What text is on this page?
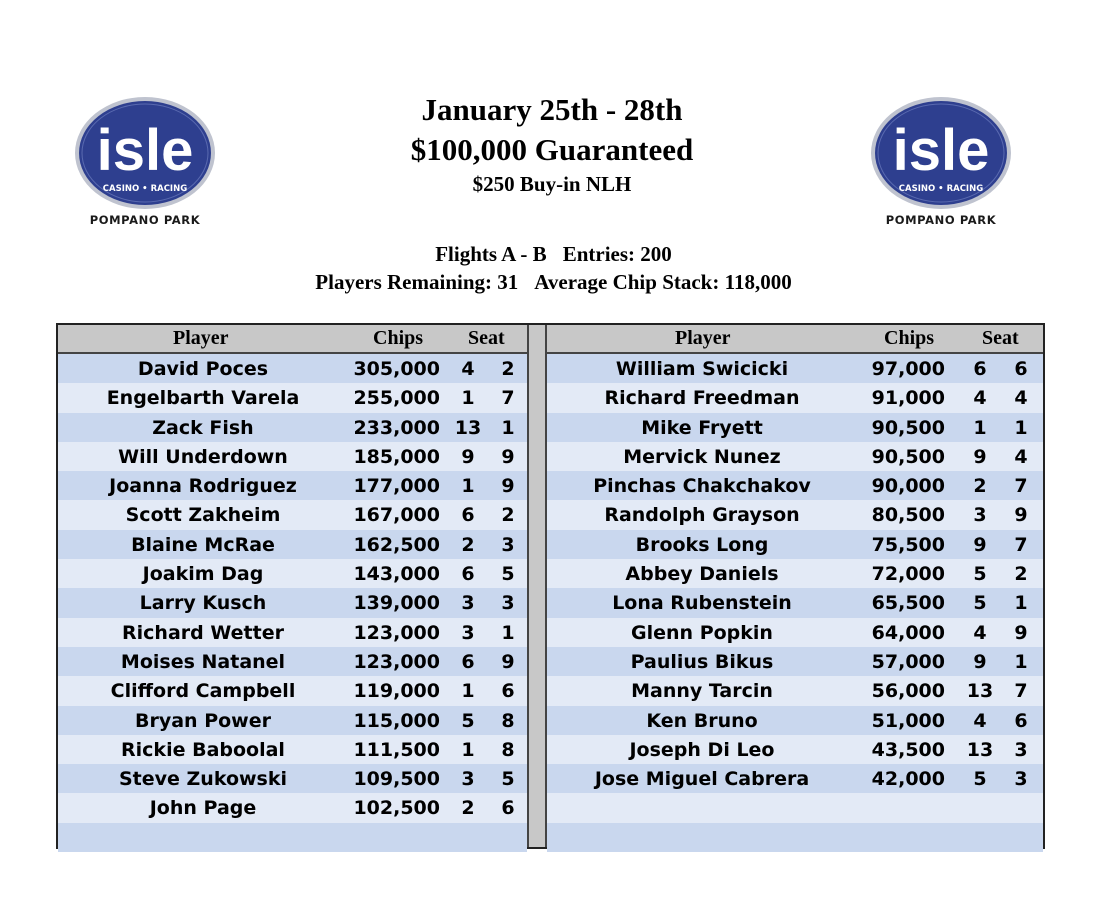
isle
CASINO • RACING
POMPANO PARK
isle
CASINO • RACING
POMPANO PARK
January 25th - 28th
$100,000 Guaranteed
$250 Buy-in NLH
Flights A - B Entries: 200
Players Remaining: 31 Average Chip Stack: 118,000
Player	Chips Seat
David Poces	305,000	4	2
Engelbarth Varela	255,000	1	7
Zack Fish	233,000 13	1
Will Underdown	185,000	9	9
Joanna Rodriguez	177,000	1	9
Scott Zakheim	167,000	6	2
Blaine McRae	162,500	2	3
Joakim Dag	143,000	6	5
Larry Kusch	139,000	3	3
Richard Wetter	123,000	3	1
Moises Natanel	123,000	6	9
Clifford Campbell	119,000	1	6
Bryan Power	115,000	5	8
Rickie Baboolal	111,500	1	8
Steve Zukowski	109,500	3	5
John Page	102,500	2	6
Player	Chips Seat
William Swicicki	97,000	6	6
Richard Freedman	91,000	4	4
Mike Fryett	90,500	1	1
Mervick Nunez	90,500	9	4
Pinchas Chakchakov	90,000	2	7
Randolph Grayson	80,500	3	9
Brooks Long	75,500	9	7
Abbey Daniels	72,000	5	2
Lona Rubenstein	65,500	5	1
Glenn Popkin	64,000	4	9
Paulius Bikus	57,000	9	1
Manny Tarcin	56,000 13	7
Ken Bruno	51,000	4	6
Joseph Di Leo	43,500 13	3
Jose Miguel Cabrera	42,000	5	3
